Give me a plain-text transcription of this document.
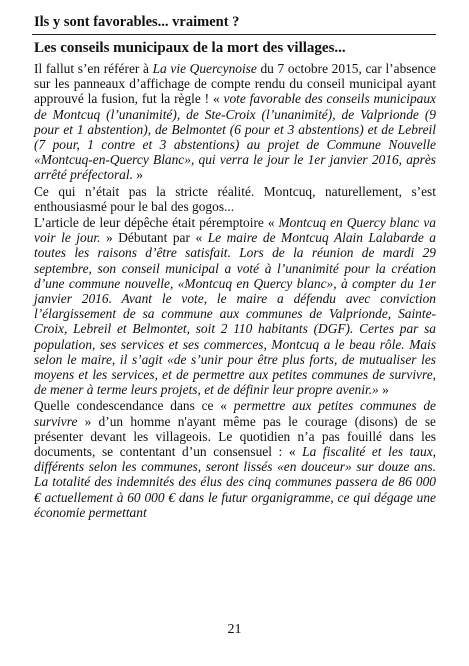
Ils y sont favorables... vraiment ?
Les conseils municipaux de la mort des villages...

Il fallut s’en référer à La vie Quercynoise du 7 octobre 2015, car l’absence sur les panneaux d’affichage de compte rendu du conseil municipal ayant approuvé la fusion, fut la règle ! « vote favorable des conseils municipaux de Montcuq (l’unanimité), de Ste-Croix (l’unanimité), de Valprionde (9 pour et 1 abstention), de Belmontet (6 pour et 3 abstentions) et de Lebreil (7 pour, 1 contre et 3 abstentions) au projet de Commune Nouvelle «Montcuq-en-Quercy Blanc», qui verra le jour le 1er janvier 2016, après arrêté préfectoral. »

Ce qui n’était pas la stricte réalité. Montcuq, naturellement, s’est enthousiasmé pour le bal des gogos...

L’article de leur dépêche était péremptoire « Montcuq en Quercy blanc va voir le jour. » Débutant par « Le maire de Montcuq Alain Lalabarde a toutes les raisons d’être satisfait. Lors de la réunion de mardi 29 septembre, son conseil municipal a voté à l’unanimité pour la création d’une commune nouvelle, «Montcuq en Quercy blanc», à compter du 1er janvier 2016. Avant le vote, le maire a défendu avec conviction l’élargissement de sa commune aux communes de Valprionde, Sainte-Croix, Lebreil et Belmontet, soit 2 110 habitants (DGF). Certes par sa population, ses services et ses commerces, Montcuq a le beau rôle. Mais selon le maire, il s’agit «de s’unir pour être plus forts, de mutualiser les moyens et les services, et de permettre aux petites communes de survivre, de mener à terme leurs projets, et de définir leur propre avenir.» »

Quelle condescendance dans ce « permettre aux petites communes de survivre » d’un homme n'ayant même pas le courage (disons) de se présenter devant les villageois. Le quotidien n’a pas fouillé dans les documents, se contentant d’un consensuel : « La fiscalité et les taux, différents selon les communes, seront lissés «en douceur» sur douze ans. La totalité des indemnités des élus des cinq communes passera de 86 000 € actuellement à 60 000 € dans le futur organigramme, ce qui dégage une économie permettant

21
